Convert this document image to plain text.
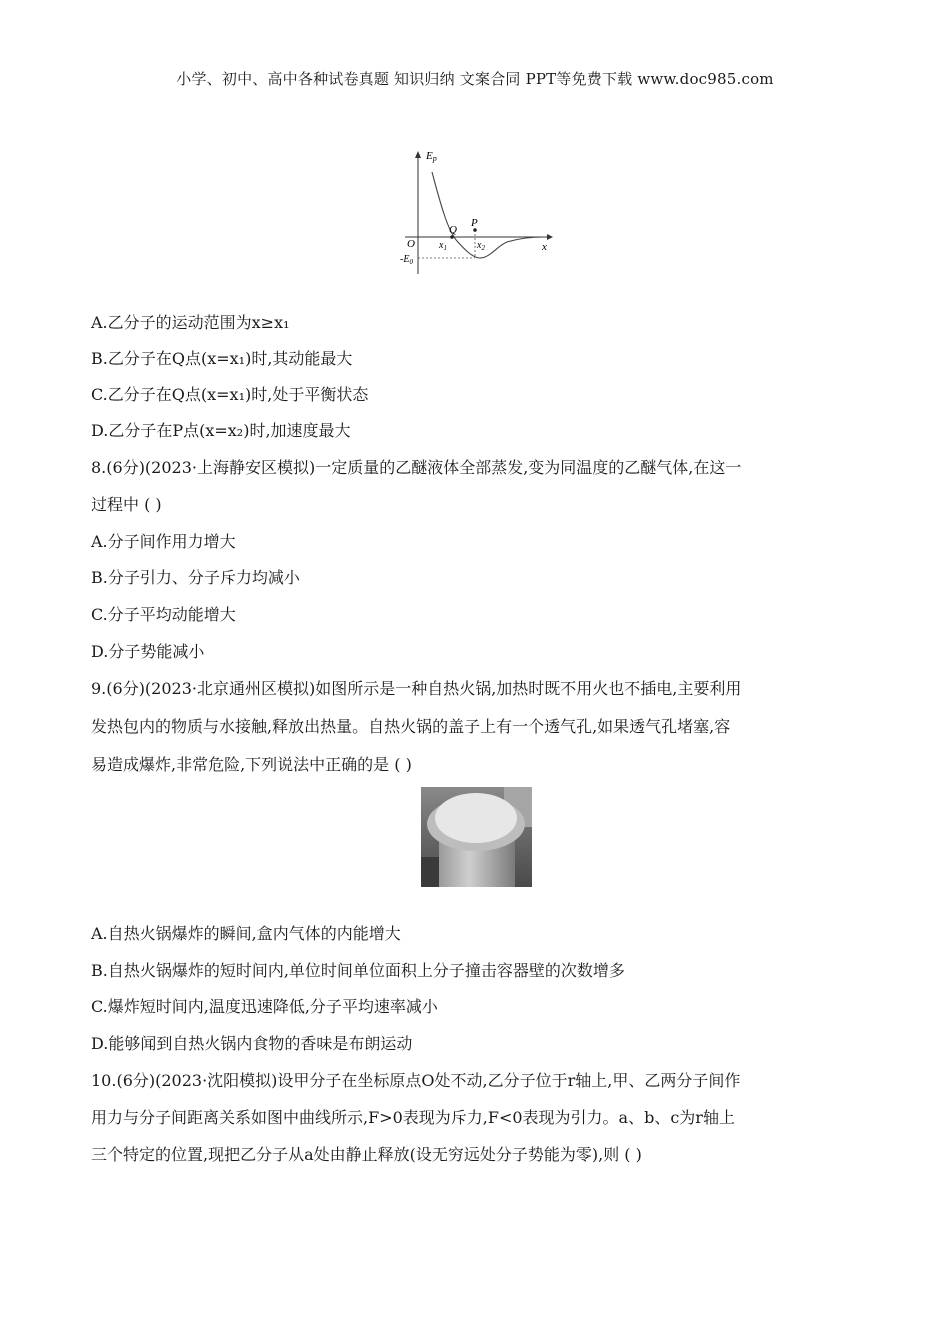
小学、初中、高中各种试卷真题 知识归纳 文案合同 PPT等免费下载 www.doc985.com
Ep
x
O
Q
P
$x_1$	$x_2$
$-E_0$
A.乙分子的运动范围为x≥x₁
B.乙分子在Q点(x=x₁)时,其动能最大
C.乙分子在Q点(x=x₁)时,处于平衡状态
D.乙分子在P点(x=x₂)时,加速度最大
8.(6分)(2023·上海静安区模拟)一定质量的乙醚液体全部蒸发,变为同温度的乙醚气体,在这一
过程中 ( )
A.分子间作用力增大
B.分子引力、分子斥力均减小
C.分子平均动能增大
D.分子势能减小
9.(6分)(2023·北京通州区模拟)如图所示是一种自热火锅,加热时既不用火也不插电,主要利用
发热包内的物质与水接触,释放出热量。自热火锅的盖子上有一个透气孔,如果透气孔堵塞,容
易造成爆炸,非常危险,下列说法中正确的是 ( )
A.自热火锅爆炸的瞬间,盒内气体的内能增大
B.自热火锅爆炸的短时间内,单位时间单位面积上分子撞击容器壁的次数增多
C.爆炸短时间内,温度迅速降低,分子平均速率减小
D.能够闻到自热火锅内食物的香味是布朗运动
10.(6分)(2023·沈阳模拟)设甲分子在坐标原点O处不动,乙分子位于r轴上,甲、乙两分子间作
用力与分子间距离关系如图中曲线所示,F>0表现为斥力,F<0表现为引力。a、b、c为r轴上
三个特定的位置,现把乙分子从a处由静止释放(设无穷远处分子势能为零),则 ( )
